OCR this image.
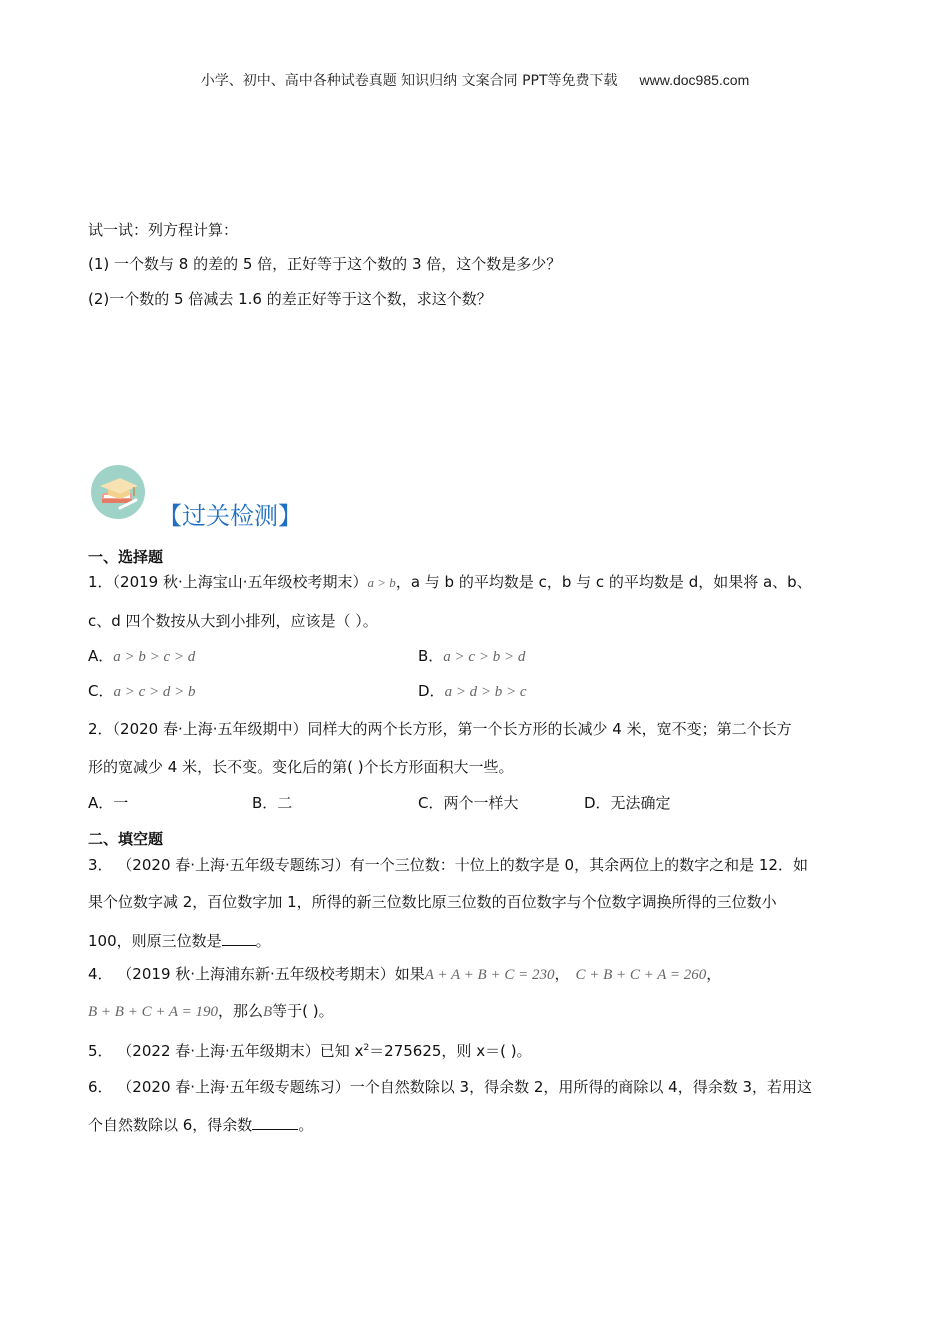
小学、初中、高中各种试卷真题 知识归纳 文案合同 PPT等免费下载 www.doc985.com
试一试：列方程计算：
(1) 一个数与 8 的差的 5 倍，正好等于这个数的 3 倍，这个数是多少？
(2)一个数的 5 倍减去 1.6 的差正好等于这个数，求这个数？
【过关检测】
一、选择题
1．（2019 秋·上海宝山·五年级校考期末）a > b，a 与 b 的平均数是 c，b 与 c 的平均数是 d，如果将 a、b、
c、d 四个数按从大到小排列，应该是（ ）。
A．a > b > c > d	B．a > c > b > d
C．a > c > d > b	D．a > d > b > c
2．（2020 春·上海·五年级期中）同样大的两个长方形，第一个长方形的长减少 4 米，宽不变；第二个长方
形的宽减少 4 米，长不变。变化后的第( )个长方形面积大一些。
A．一	B．二	C．两个一样大	D．无法确定
二、填空题
3． （2020 春·上海·五年级专题练习）有一个三位数：十位上的数字是 0，其余两位上的数字之和是 12．如
果个位数字减 2，百位数字加 1，所得的新三位数比原三位数的百位数字与个位数字调换所得的三位数小
100，则原三位数是 。
4． （2019 秋·上海浦东新·五年级校考期末）如果A + A + B + C = 230， C + B + C + A = 260，
B + B + C + A = 190，那么B等于( )。
5． （2022 春·上海·五年级期末）已知 $x^2=275625$，则 x＝( )。
6． （2020 春·上海·五年级专题练习）一个自然数除以 3，得余数 2，用所得的商除以 4，得余数 3，若用这
个自然数除以 6，得余数	。
